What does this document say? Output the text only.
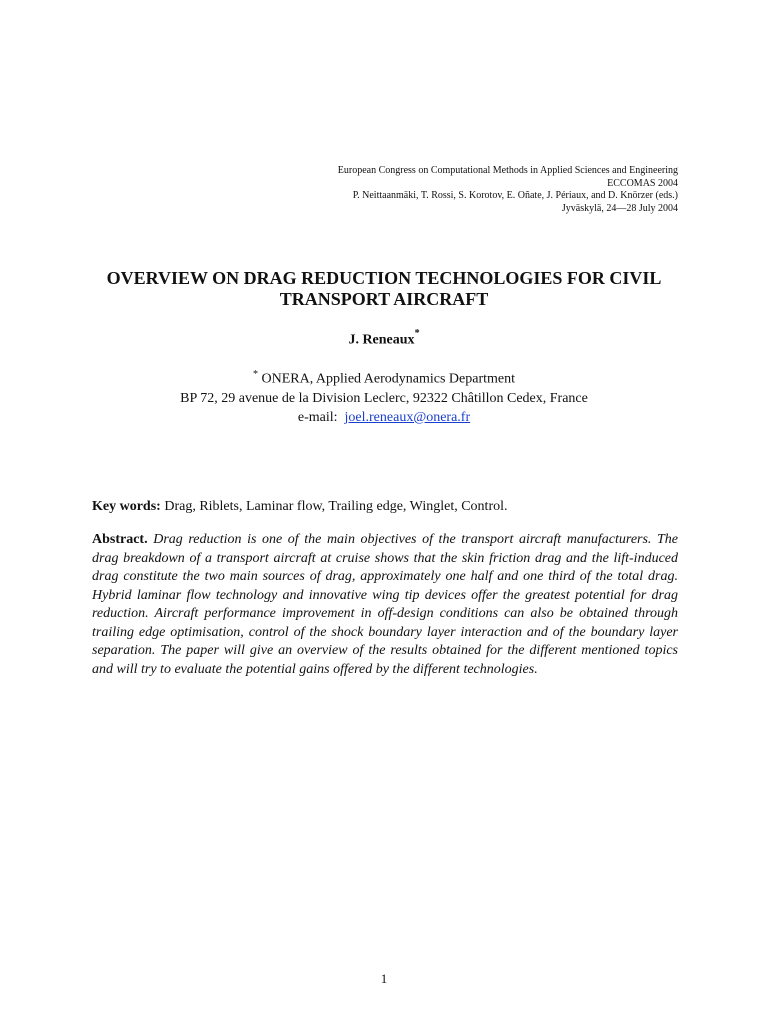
European Congress on Computational Methods in Applied Sciences and Engineering
ECCOMAS 2004
P. Neittaanmäki, T. Rossi, S. Korotov, E. Oñate, J. Périaux, and D. Knörzer (eds.)
Jyväskylä, 24—28 July 2004
OVERVIEW ON DRAG REDUCTION TECHNOLOGIES FOR CIVIL TRANSPORT AIRCRAFT
J. Reneaux*
* ONERA, Applied Aerodynamics Department
BP 72, 29 avenue de la Division Leclerc, 92322 Châtillon Cedex, France
e-mail: joel.reneaux@onera.fr
Key words: Drag, Riblets, Laminar flow, Trailing edge, Winglet, Control.
Abstract. Drag reduction is one of the main objectives of the transport aircraft manufacturers. The drag breakdown of a transport aircraft at cruise shows that the skin friction drag and the lift-induced drag constitute the two main sources of drag, approximately one half and one third of the total drag. Hybrid laminar flow technology and innovative wing tip devices offer the greatest potential for drag reduction. Aircraft performance improvement in off-design conditions can also be obtained through trailing edge optimisation, control of the shock boundary layer interaction and of the boundary layer separation. The paper will give an overview of the results obtained for the different mentioned topics and will try to evaluate the potential gains offered by the different technologies.
1
